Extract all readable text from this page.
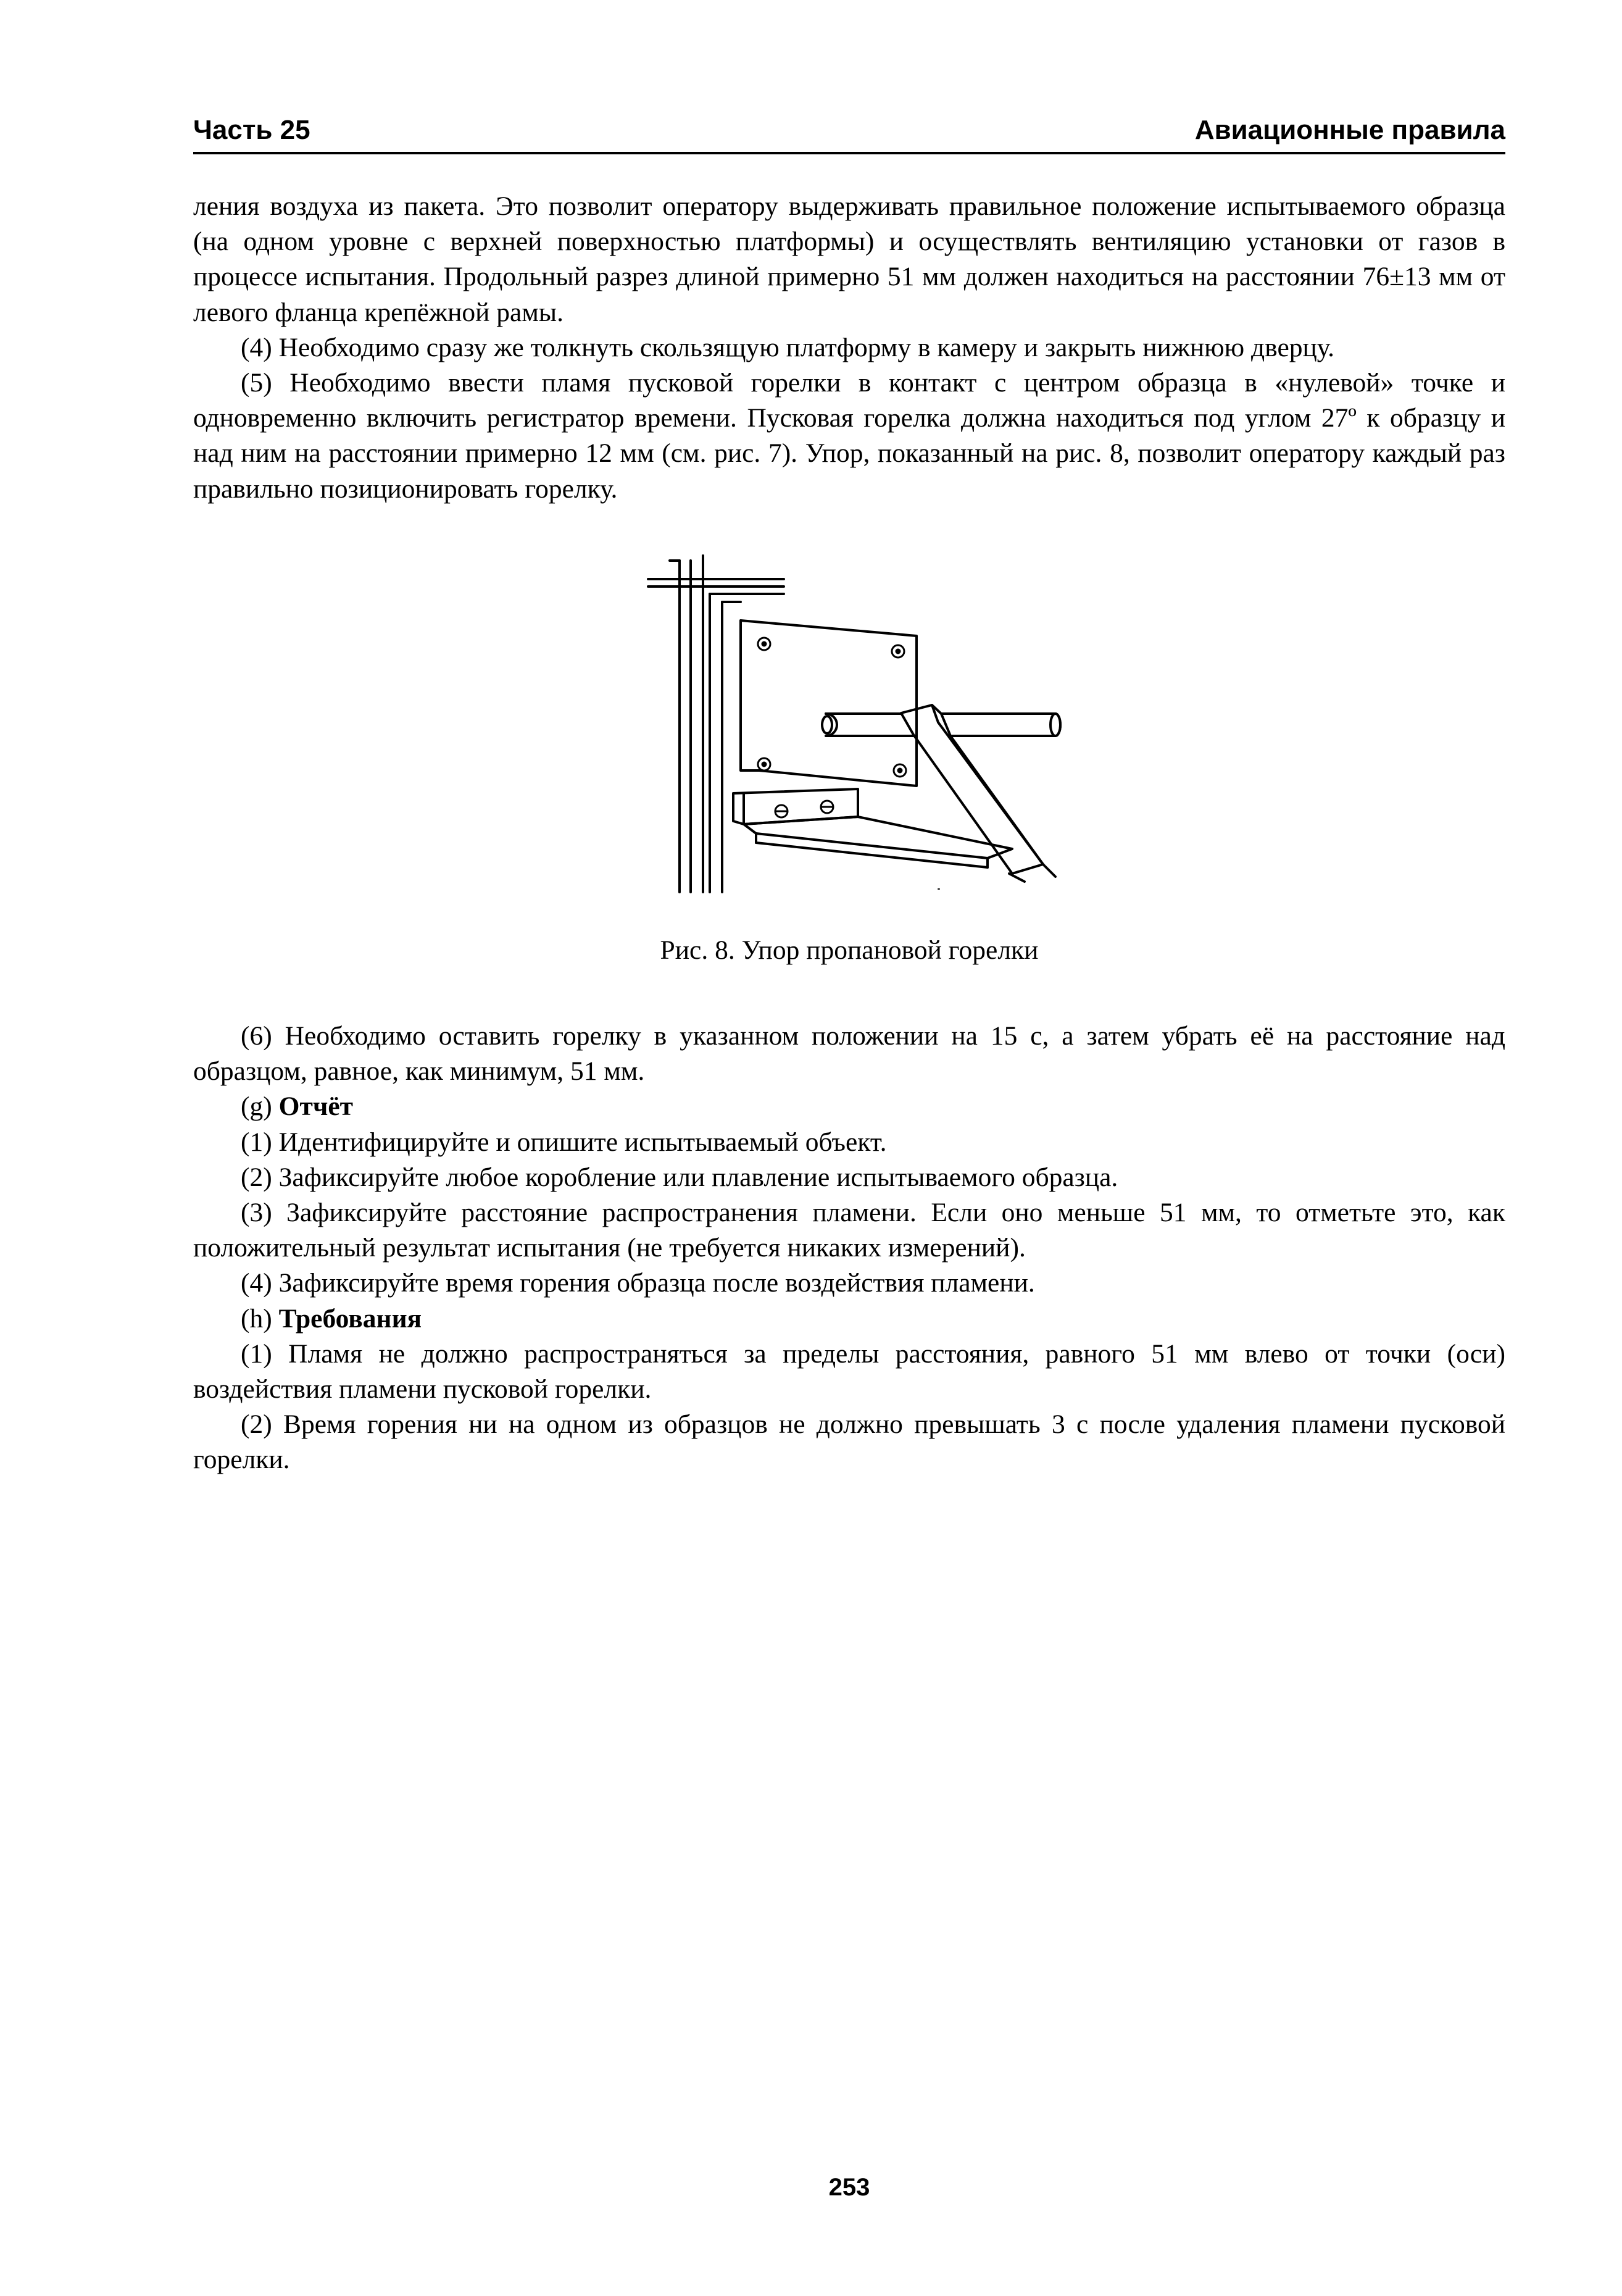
Часть 25	Авиационные правила

ления воздуха из пакета. Это позволит оператору выдерживать правильное положение испытываемого образца (на одном уровне с верхней поверхностью платформы) и осуществлять вентиляцию установки от газов в процессе испытания. Продольный разрез длиной примерно 51 мм должен находиться на расстоянии 76±13 мм от левого фланца крепёжной рамы.

(4) Необходимо сразу же толкнуть скользящую платформу в камеру и закрыть нижнюю дверцу.

(5) Необходимо ввести пламя пусковой горелки в контакт с центром образца в «нулевой» точке и одновременно включить регистратор времени. Пусковая горелка должна находиться под углом 27º к образцу и над ним на расстоянии примерно 12 мм (см. рис. 7). Упор, показанный на рис. 8, позволит оператору каждый раз правильно позиционировать горелку.

Рис. 8. Упор пропановой горелки

(6) Необходимо оставить горелку в указанном положении на 15 с, а затем убрать её на расстояние над образцом, равное, как минимум, 51 мм.

(g) Отчёт

(1) Идентифицируйте и опишите испытываемый объект.

(2) Зафиксируйте любое коробление или плавление испытываемого образца.

(3) Зафиксируйте расстояние распространения пламени. Если оно меньше 51 мм, то отметьте это, как положительный результат испытания (не требуется никаких измерений).

(4) Зафиксируйте время горения образца после воздействия пламени.

(h) Требования

(1) Пламя не должно распространяться за пределы расстояния, равного 51 мм влево от точки (оси) воздействия пламени пусковой горелки.

(2) Время горения ни на одном из образцов не должно превышать 3 с после удаления пламени пусковой горелки.

253
